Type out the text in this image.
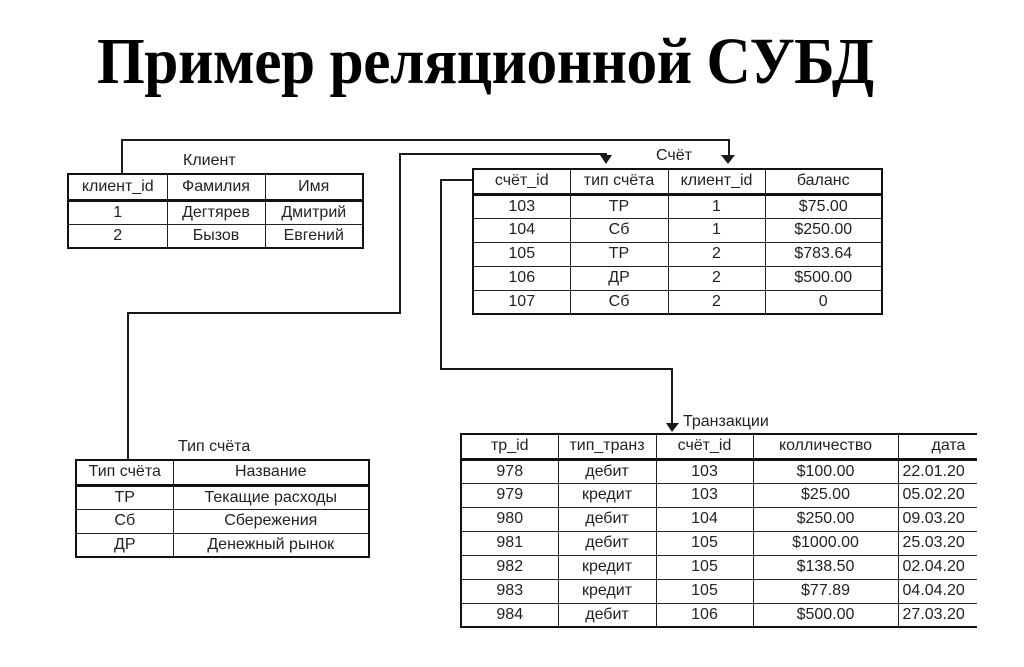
Пример реляционной СУБД
Клиент
клиент_id	Фамилия	Имя
1	Дегтярев	Дмитрий
2	Бызов	Евгений
Счёт
счёт_id	тип счёта	клиент_id	баланс
103	ТР	1	$75.00
104	Сб	1	$250.00
105	ТР	2	$783.64
106	ДР	2	$500.00
107	Сб	2	0
Тип счёта
Тип счёта	Название
ТР	Текащие расходы
Сб	Сбережения
ДР	Денежный рынок
Транзакции
тр_id	тип_транз	счёт_id	колличество	дата
978	дебит	103	$100.00	22.01.20
979	кредит	103	$25.00	05.02.20
980	дебит	104	$250.00	09.03.20
981	дебит	105	$1000.00	25.03.20
982	кредит	105	$138.50	02.04.20
983	кредит	105	$77.89	04.04.20
984	дебит	106	$500.00	27.03.20
